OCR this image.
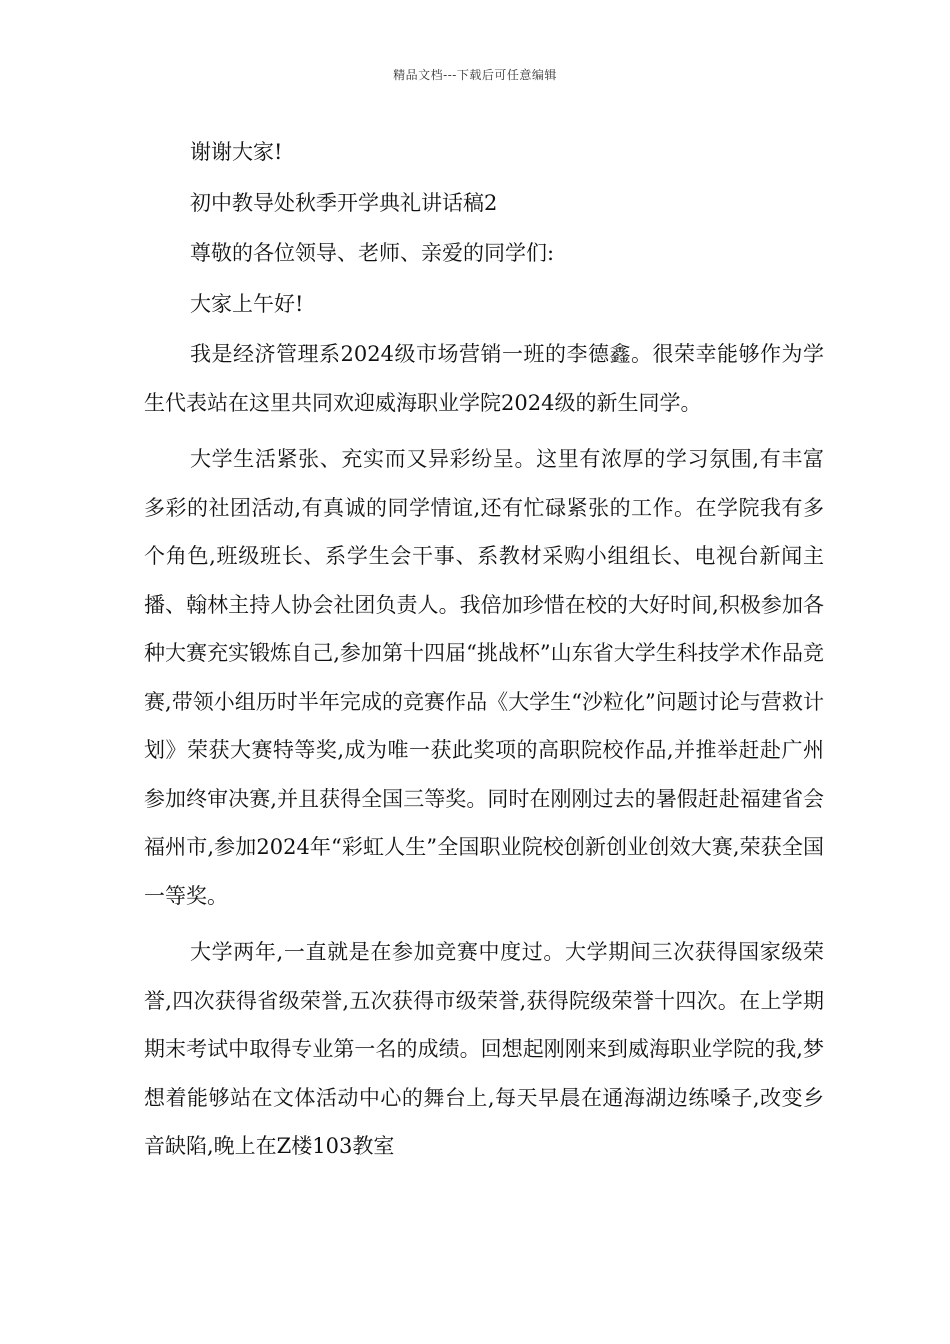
精品文档---下载后可任意编辑

谢谢大家!

初中教导处秋季开学典礼讲话稿2

尊敬的各位领导、老师、亲爱的同学们:

大家上午好!

我是经济管理系2024级市场营销一班的李德鑫。很荣幸能够作为学生代表站在这里共同欢迎威海职业学院2024级的新生同学。

大学生活紧张、充实而又异彩纷呈。这里有浓厚的学习氛围,有丰富多彩的社团活动,有真诚的同学情谊,还有忙碌紧张的工作。在学院我有多个角色,班级班长、系学生会干事、系教材采购小组组长、电视台新闻主播、翰林主持人协会社团负责人。我倍加珍惜在校的大好时间,积极参加各种大赛充实锻炼自己,参加第十四届“挑战杯”山东省大学生科技学术作品竞赛,带领小组历时半年完成的竞赛作品《大学生“沙粒化”问题讨论与营救计划》荣获大赛特等奖,成为唯一获此奖项的高职院校作品,并推举赶赴广州参加终审决赛,并且获得全国三等奖。同时在刚刚过去的暑假赶赴福建省会福州市,参加2024年“彩虹人生”全国职业院校创新创业创效大赛,荣获全国一等奖。

大学两年,一直就是在参加竞赛中度过。大学期间三次获得国家级荣誉,四次获得省级荣誉,五次获得市级荣誉,获得院级荣誉十四次。在上学期期末考试中取得专业第一名的成绩。回想起刚刚来到威海职业学院的我,梦想着能够站在文体活动中心的舞台上,每天早晨在通海湖边练嗓子,改变乡音缺陷,晚上在Z楼103教室
